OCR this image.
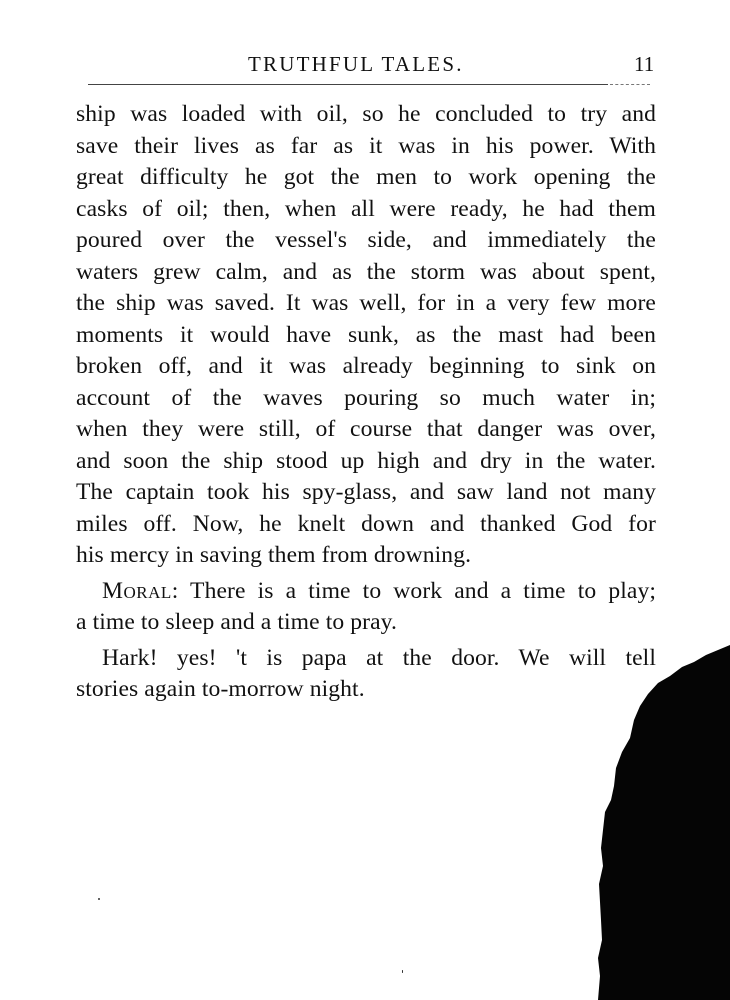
TRUTHFUL TALES.	11
ship was loaded with oil, so he concluded to try and
save their lives as far as it was in his power. With
great difficulty he got the men to work opening the
casks of oil; then, when all were ready, he had them
poured over the vessel's side, and immediately the
waters grew calm, and as the storm was about spent,
the ship was saved. It was well, for in a very few more
moments it would have sunk, as the mast had been
broken off, and it was already beginning to sink on
account of the waves pouring so much water in;
when they were still, of course that danger was over,
and soon the ship stood up high and dry in the water.
The captain took his spy-glass, and saw land not many
miles off. Now, he knelt down and thanked God for
his mercy in saving them from drowning.
Moral: There is a time to work and a time to play;
a time to sleep and a time to pray.
Hark! yes! 't is papa at the door. We will tell
stories again to-morrow night.
